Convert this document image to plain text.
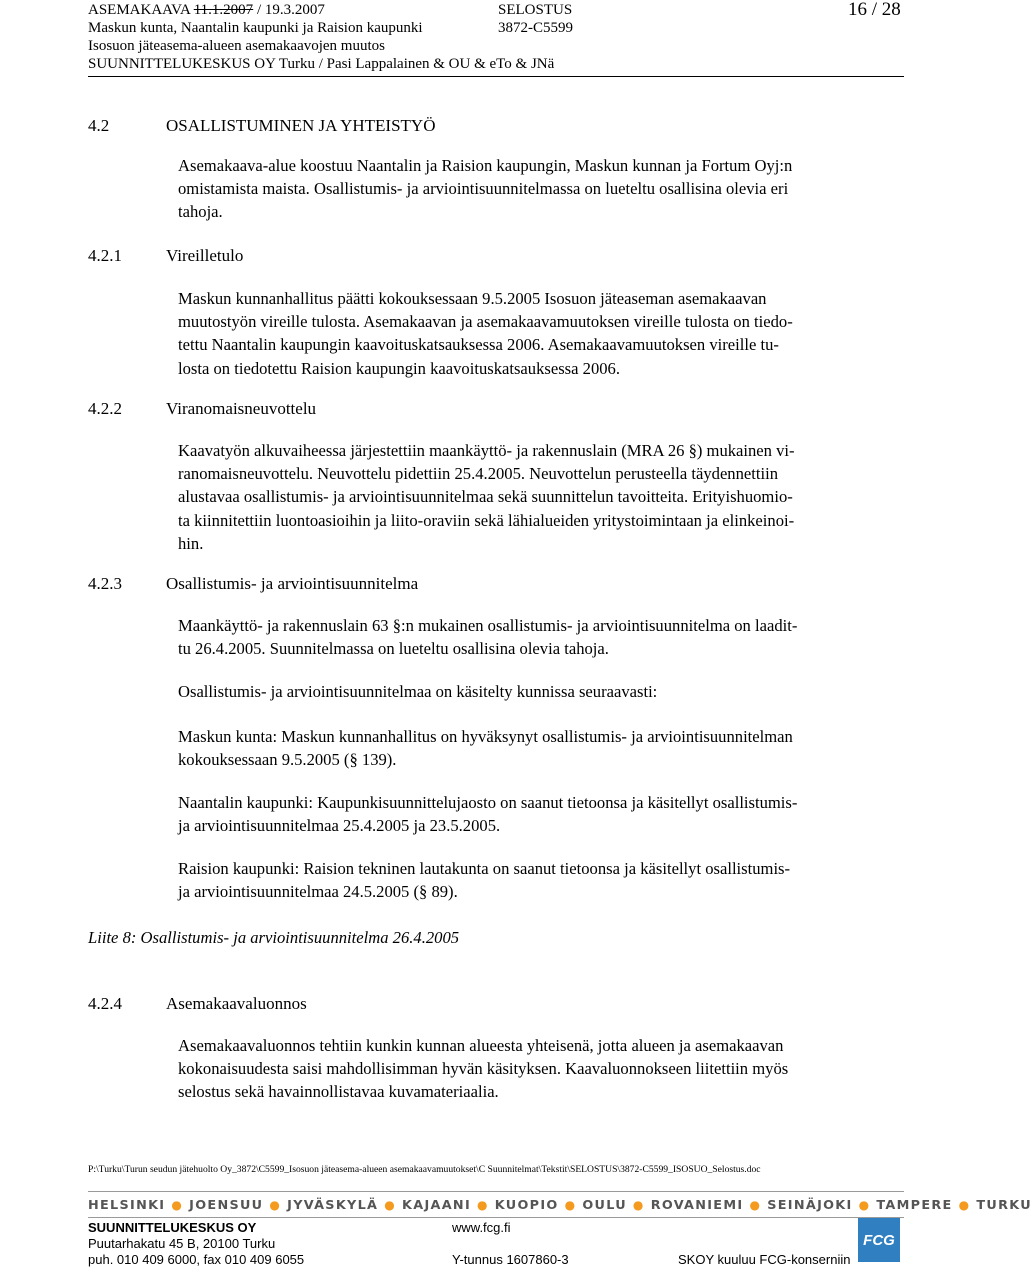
ASEMAKAAVA 11.1.2007 / 19.3.2007
Maskun kunta, Naantalin kaupunki ja Raision kaupunki
Isosuon jäteasema-alueen asemakaavojen muutos
SUUNNITTELUKESKUS OY Turku / Pasi Lappalainen & OU & eTo & JNä
SELOSTUS
3872-C5599
16 / 28
4.2	OSALLISTUMINEN JA YHTEISTYÖ
Asemakaava-alue koostuu Naantalin ja Raision kaupungin, Maskun kunnan ja Fortum Oyj:n
omistamista maista. Osallistumis- ja arviointisuunnitelmassa on lueteltu osallisina olevia eri
tahoja.
4.2.1	Vireilletulo
Maskun kunnanhallitus päätti kokouksessaan 9.5.2005 Isosuon jäteaseman asemakaavan
muutostyön vireille tulosta. Asemakaavan ja asemakaavamuutoksen vireille tulosta on tiedo-
tettu Naantalin kaupungin kaavoituskatsauksessa 2006. Asemakaavamuutoksen vireille tu-
losta on tiedotettu Raision kaupungin kaavoituskatsauksessa 2006.
4.2.2	Viranomaisneuvottelu
Kaavatyön alkuvaiheessa järjestettiin maankäyttö- ja rakennuslain (MRA 26 §) mukainen vi-
ranomaisneuvottelu. Neuvottelu pidettiin 25.4.2005. Neuvottelun perusteella täydennettiin
alustavaa osallistumis- ja arviointisuunnitelmaa sekä suunnittelun tavoitteita. Erityishuomio-
ta kiinnitettiin luontoasioihin ja liito-oraviin sekä lähialueiden yritystoimintaan ja elinkeinoi-
hin.
4.2.3	Osallistumis- ja arviointisuunnitelma
Maankäyttö- ja rakennuslain 63 §:n mukainen osallistumis- ja arviointisuunnitelma on laadit-
tu 26.4.2005. Suunnitelmassa on lueteltu osallisina olevia tahoja.
Osallistumis- ja arviointisuunnitelmaa on käsitelty kunnissa seuraavasti:
Maskun kunta: Maskun kunnanhallitus on hyväksynyt osallistumis- ja arviointisuunnitelman
kokouksessaan 9.5.2005 (§ 139).
Naantalin kaupunki: Kaupunkisuunnittelujaosto on saanut tietoonsa ja käsitellyt osallistumis-
ja arviointisuunnitelmaa 25.4.2005 ja 23.5.2005.
Raision kaupunki: Raision tekninen lautakunta on saanut tietoonsa ja käsitellyt osallistumis-
ja arviointisuunnitelmaa 24.5.2005 (§ 89).
Liite 8: Osallistumis- ja arviointisuunnitelma 26.4.2005
4.2.4	Asemakaavaluonnos
Asemakaavaluonnos tehtiin kunkin kunnan alueesta yhteisenä, jotta alueen ja asemakaavan
kokonaisuudesta saisi mahdollisimman hyvän käsityksen. Kaavaluonnokseen liitettiin myös
selostus sekä havainnollistavaa kuvamateriaalia.
P:\Turku\Turun seudun jätehuolto Oy_3872\C5599_Isosuon jäteasema-alueen asemakaavamuutokset\C Suunnitelmat\Tekstit\SELOSTUS\3872-C5599_ISOSUO_Selostus.doc
HELSINKI ● JOENSUU ● JYVÄSKYLÄ ● KAJAANI ● KUOPIO ● OULU ● ROVANIEMI ● SEINÄJOKI ● TAMPERE ● TURKU
SUUNNITTELUKESKUS OY
Puutarhakatu 45 B, 20100 Turku
puh. 010 409 6000, fax 010 409 6055
www.fcg.fi
Y-tunnus 1607860-3	SKOY kuuluu FCG-konserniin
FCG
